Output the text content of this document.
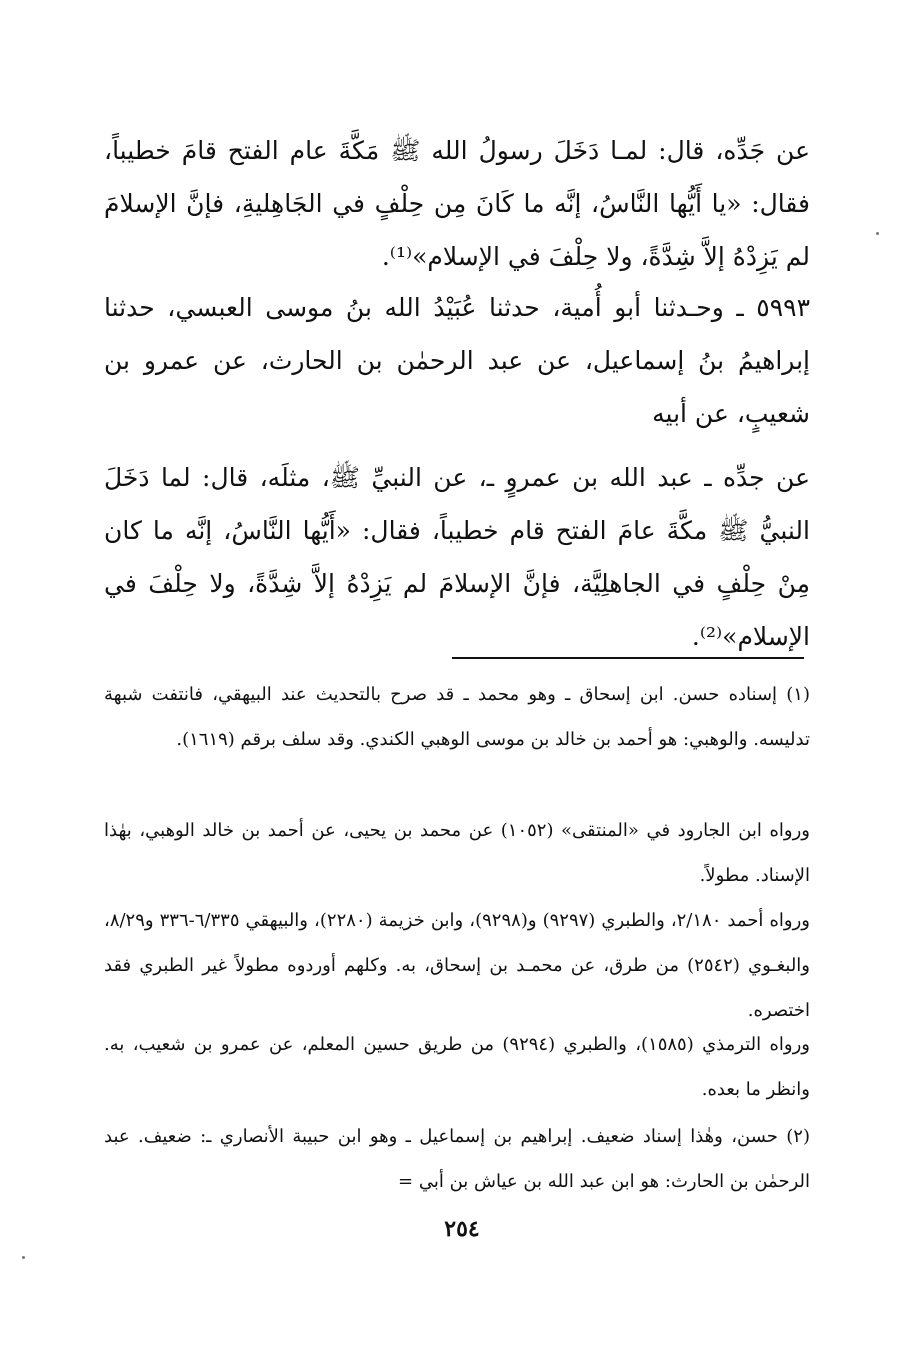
عن جَدِّه، قال: لمـا دَخَلَ رسولُ الله ﷺ مَكَّةَ عام الفتح قامَ خطيباً، فقال: «يا أَيُّها النَّاسُ، إنَّه ما كَانَ مِن حِلْفٍ في الجَاهِليةِ، فإنَّ الإسلامَ لم يَزِدْهُ إلاَّ شِدَّةً، ولا حِلْفَ في الإسلام»⁽¹⁾.

٥٩٩٣ ـ وحـدثنا أبو أُمية، حدثنا عُبَيْدُ الله بنُ موسى العبسي، حدثنا إبراهيمُ بنُ إسماعيل، عن عبد الرحمٰن بن الحارث، عن عمرو بن شعيبٍ، عن أبيه

عن جدِّه ـ عبد الله بن عمروٍ ـ، عن النبيِّ ﷺ، مثلَه، قال: لما دَخَلَ النبيُّ ﷺ مكَّةَ عامَ الفتح قام خطيباً، فقال: «أَيُّها النَّاسُ، إنَّه ما كان مِنْ حِلْفٍ في الجاهلِيَّة، فإنَّ الإسلامَ لم يَزِدْهُ إلاَّ شِدَّةً، ولا حِلْفَ في الإسلام»⁽²⁾.

(١) إسناده حسن. ابن إسحاق ـ وهو محمد ـ قد صرح بالتحديث عند البيهقي، فانتفت شبهة تدليسه. والوهبي: هو أحمد بن خالد بن موسى الوهبي الكندي. وقد سلف برقم (١٦١٩).

ورواه ابن الجارود في «المنتقى» (١٠٥٢) عن محمد بن يحيى، عن أحمد بن خالد الوهبي، بهٰذا الإسناد. مطولاً.

ورواه أحمد ٢/١٨٠، والطبري (٩٢٩٧) و(٩٢٩٨)، وابن خزيمة (٢٢٨٠)، والبيهقي ٦/٣٣٥-٣٣٦ و٨/٢٩، والبغـوي (٢٥٤٢) من طرق، عن محمـد بن إسحاق، به. وكلهم أوردوه مطولاً غير الطبري فقد اختصره.

ورواه الترمذي (١٥٨٥)، والطبري (٩٢٩٤) من طريق حسين المعلم، عن عمرو بن شعيب، به. وانظر ما بعده.

(٢) حسن، وهٰذا إسناد ضعيف. إبراهيم بن إسماعيل ـ وهو ابن حبيبة الأنصاري ـ: ضعيف. عبد الرحمٰن بن الحارث: هو ابن عبد الله بن عياش بن أبي =

٢٥٤
